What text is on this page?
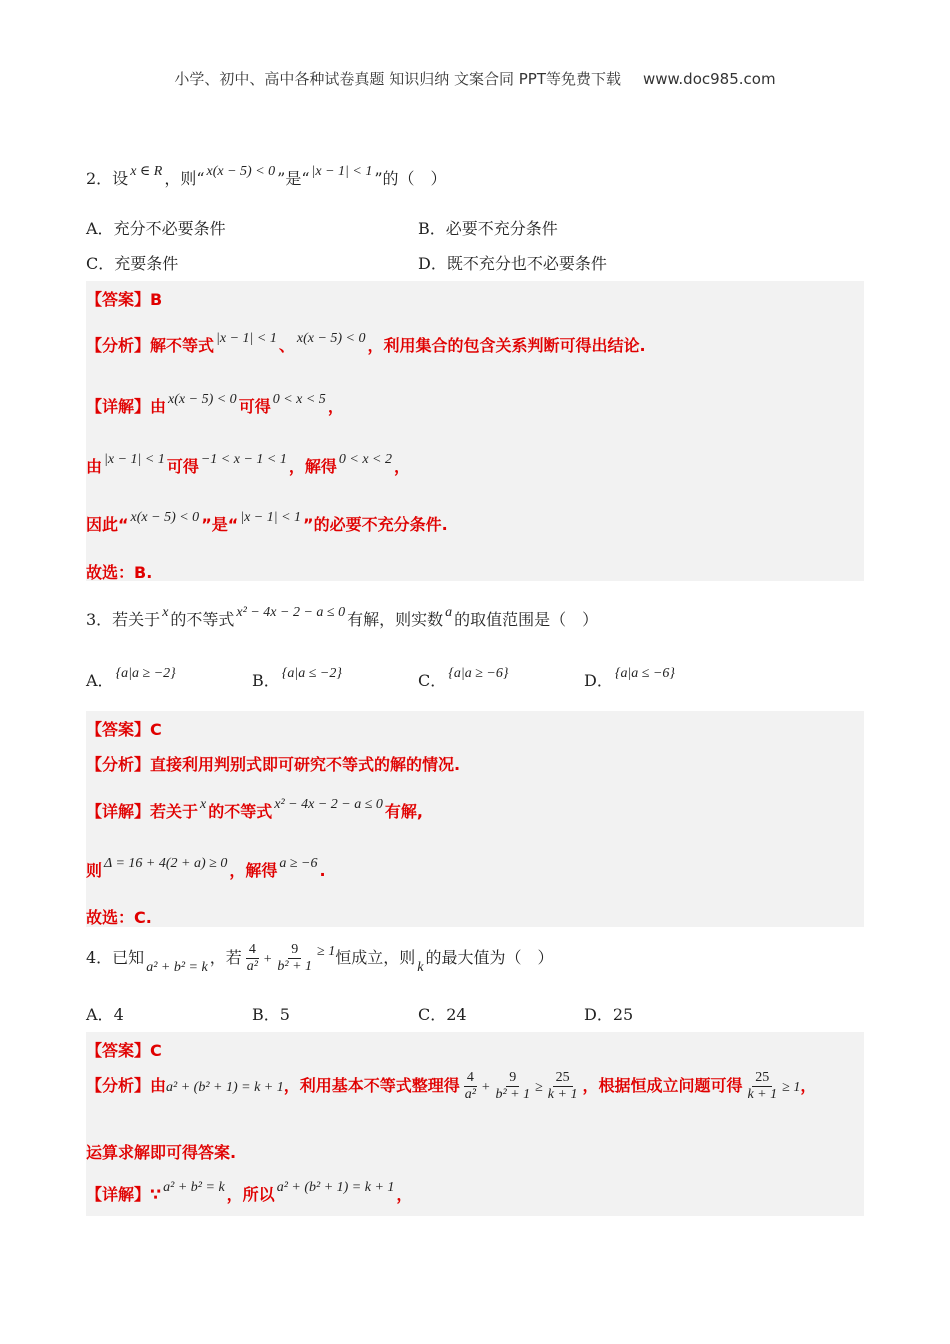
小学、初中、高中各种试卷真题 知识归纳 文案合同 PPT等免费下载 www.doc985.com
2．设 x ∈ R ，则“ x(x − 5) < 0 ”是“ |x − 1| < 1 ”的（　）
A．充分不必要条件	B．必要不充分条件
C．充要条件	D．既不充分也不必要条件
【答案】B
【分析】解不等式 |x − 1| < 1 、 x(x − 5) < 0 ，利用集合的包含关系判断可得出结论.
【详解】由 x(x − 5) < 0 可得 0 < x < 5 ，
由 |x − 1| < 1 可得 −1 < x − 1 < 1 ，解得 0 < x < 2 ，
因此“ x(x − 5) < 0 ”是“ |x − 1| < 1 ”的必要不充分条件.
故选：B.
3．若关于 x 的不等式 x² − 4x − 2 − a ≤ 0 有解，则实数 a 的取值范围是（　）
A． {a|a ≥ −2}	B． {a|a ≤ −2}	C． {a|a ≥ −6}	D． {a|a ≤ −6}
【答案】C
【分析】直接利用判别式即可研究不等式的解的情况.
【详解】若关于 x 的不等式 x² − 4x − 2 − a ≤ 0 有解,
则 Δ = 16 + 4(2 + a) ≥ 0 ，解得 a ≥ −6 .
故选：C.
4．已知a² + b² = k，若 $\frac{4}{\text{a²}} + \frac{9}{\text{b² + 1}} \ge 1$恒成立，则k的最大值为（　）
A．4	B．5	C．24	D．25
【答案】C
【分析】由a² + (b² + 1) = k + 1，利用基本不等式整理得 $\frac{4}{\text{a²}} + \frac{9}{\text{b² + 1}} \ge \frac{25}{k + 1}$ ，根据恒成立问题可得 $\frac{25}{k + 1} \ge 1$，
运算求解即可得答案.
【详解】∵ a² + b² = k ，所以 a² + (b² + 1) = k + 1 ，
